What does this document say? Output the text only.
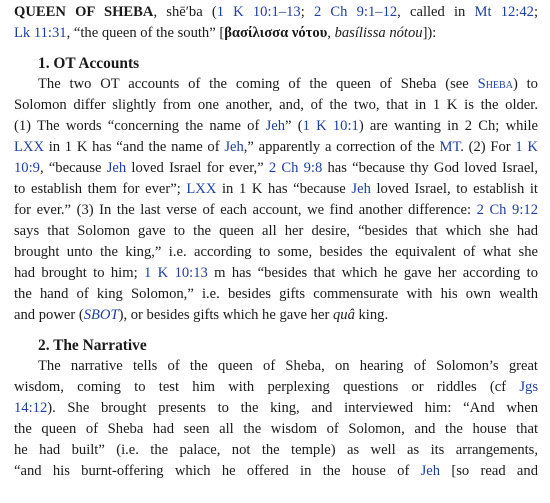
QUEEN OF SHEBA, shēʹba (1 K 10:1–13; 2 Ch 9:1–12, called in Mt 12:42;
Lk 11:31, “the queen of the south” [βασίλισσα νότου, basílissa nótou]):
1. OT Accounts
The two OT accounts of the coming of the queen of Sheba (see Sheba) to
Solomon differ slightly from one another, and, of the two, that in 1 K is the older.
(1) The words “concerning the name of Jeh” (1 K 10:1) are wanting in 2 Ch; while
LXX in 1 K has “and the name of Jeh,” apparently a correction of the MT. (2) For 1 K
10:9, “because Jeh loved Israel for ever,” 2 Ch 9:8 has “because thy God loved Israel,
to establish them for ever”; LXX in 1 K has “because Jeh loved Israel, to establish it
for ever.” (3) In the last verse of each account, we find another difference: 2 Ch 9:12
says that Solomon gave to the queen all her desire, “besides that which she had
brought unto the king,” i.e. according to some, besides the equivalent of what she
had brought to him; 1 K 10:13 m has “besides that which he gave her according to
the hand of king Solomon,” i.e. besides gifts commensurate with his own wealth
and power (SBOT), or besides gifts which he gave her quâ king.
2. The Narrative
The narrative tells of the queen of Sheba, on hearing of Solomon’s great
wisdom, coming to test him with perplexing questions or riddles (cf Jgs
14:12). She brought presents to the king, and interviewed him: “And when
the queen of Sheba had seen all the wisdom of Solomon, and the house that
he had built” (i.e. the palace, not the temple) as well as its arrangements,
“and his burnt-offering which he offered in the house of Jeh [so read and
